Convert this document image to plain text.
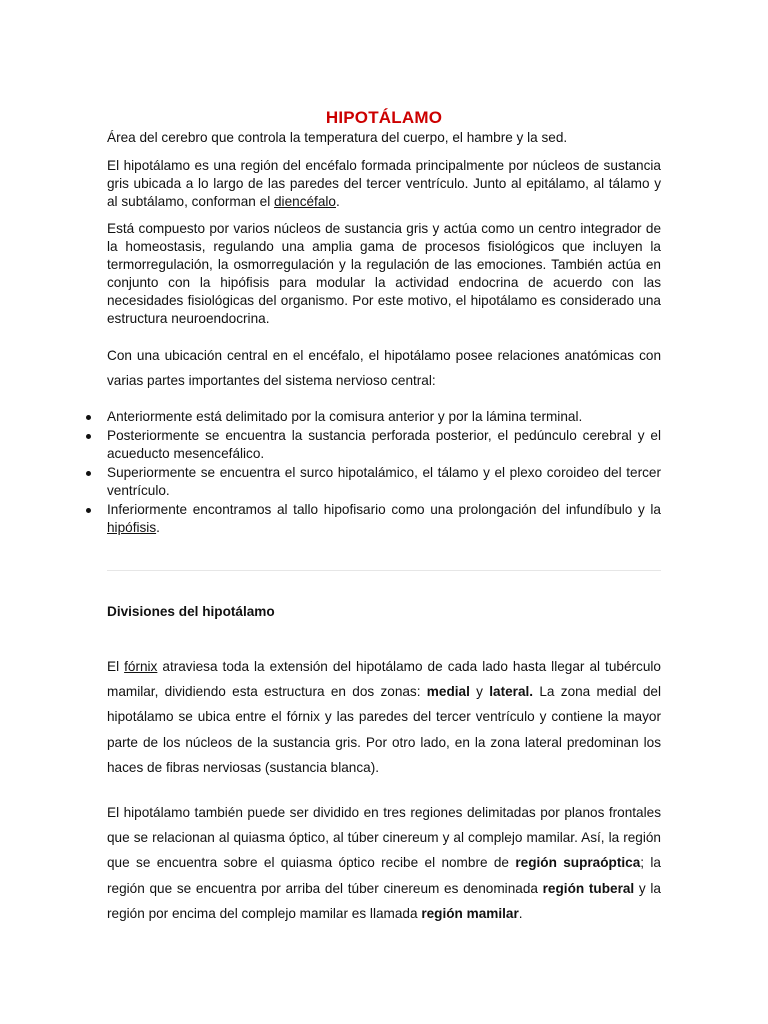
HIPOTÁLAMO

Área del cerebro que controla la temperatura del cuerpo, el hambre y la sed.

El hipotálamo es una región del encéfalo formada principalmente por núcleos de sustancia gris ubicada a lo largo de las paredes del tercer ventrículo. Junto al epitálamo, al tálamo y al subtálamo, conforman el diencéfalo.

Está compuesto por varios núcleos de sustancia gris y actúa como un centro integrador de la homeostasis, regulando una amplia gama de procesos fisiológicos que incluyen la termorregulación, la osmorregulación y la regulación de las emociones. También actúa en conjunto con la hipófisis para modular la actividad endocrina de acuerdo con las necesidades fisiológicas del organismo. Por este motivo, el hipotálamo es considerado una estructura neuroendocrina.

Con una ubicación central en el encéfalo, el hipotálamo posee relaciones anatómicas con varias partes importantes del sistema nervioso central:

Anteriormente está delimitado por la comisura anterior y por la lámina terminal.
Posteriormente se encuentra la sustancia perforada posterior, el pedúnculo cerebral y el acueducto mesencefálico.
Superiormente se encuentra el surco hipotalámico, el tálamo y el plexo coroideo del tercer ventrículo.
Inferiormente encontramos al tallo hipofisario como una prolongación del infundíbulo y la hipófisis.
Divisiones del hipotálamo

El fórnix atraviesa toda la extensión del hipotálamo de cada lado hasta llegar al tubérculo mamilar, dividiendo esta estructura en dos zonas: medial y lateral. La zona medial del hipotálamo se ubica entre el fórnix y las paredes del tercer ventrículo y contiene la mayor parte de los núcleos de la sustancia gris. Por otro lado, en la zona lateral predominan los haces de fibras nerviosas (sustancia blanca).

El hipotálamo también puede ser dividido en tres regiones delimitadas por planos frontales que se relacionan al quiasma óptico, al túber cinereum y al complejo mamilar. Así, la región que se encuentra sobre el quiasma óptico recibe el nombre de región supraóptica; la región que se encuentra por arriba del túber cinereum es denominada región tuberal y la región por encima del complejo mamilar es llamada región mamilar.
